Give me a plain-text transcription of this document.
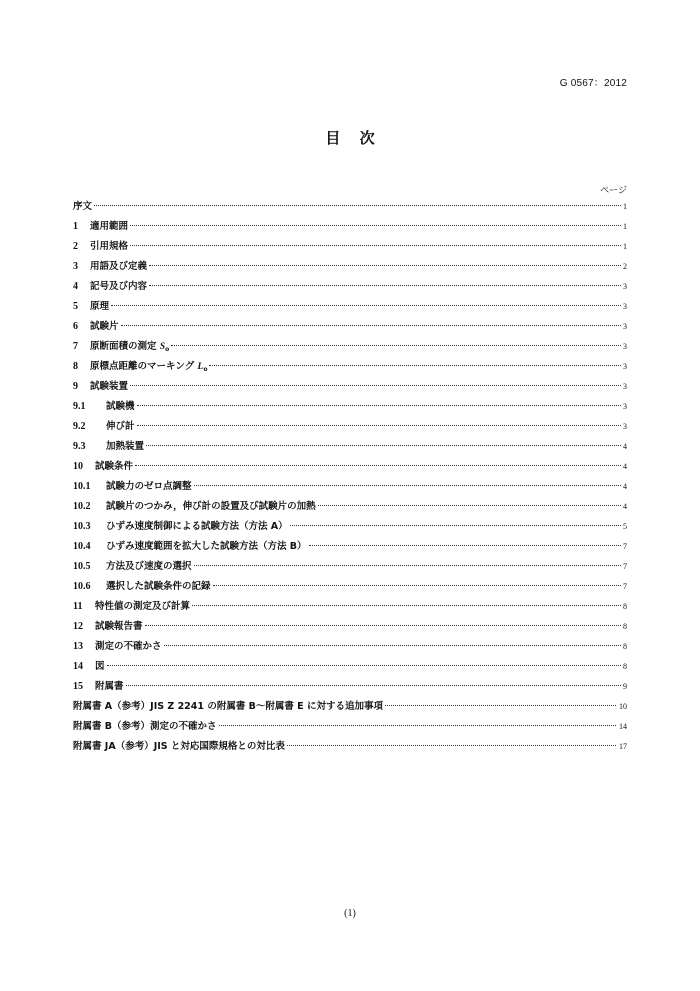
G 0567：2012
目 次
ページ
序文	1
1	適用範囲	1
2	引用規格	1
3	用語及び定義	2
4	記号及び内容	3
5	原理	3
6	試験片	3
7	原断面積の測定 $S_o$	3
8	原標点距離のマーキング $L_o$	3
9	試験装置	3
9.1	試験機	3
9.2	伸び計	3
9.3	加熱装置	4
10	試験条件	4
10.1	試験力のゼロ点調整	4
10.2	試験片のつかみ，伸び計の設置及び試験片の加熱	4
10.3	ひずみ速度制御による試験方法（方法 A）	5
10.4	ひずみ速度範囲を拡大した試験方法（方法 B）	7
10.5	方法及び速度の選択	7
10.6	選択した試験条件の記録	7
11	特性値の測定及び計算	8
12	試験報告書	8
13	測定の不確かさ	8
14	図	8
15	附属書	9
附属書 A（参考）JIS Z 2241 の附属書 B～附属書 E に対する追加事項	10
附属書 B（参考）測定の不確かさ	14
附属書 JA（参考）JIS と対応国際規格との対比表	17
(1)
